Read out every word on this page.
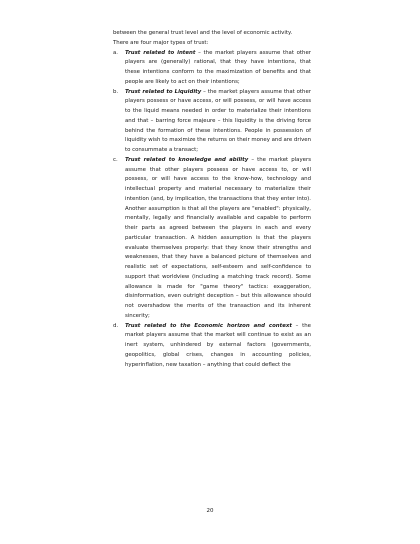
between the general trust level and the level of economic activity.

There are four major types of trust:

a. Trust related to intent – the market players assume that other players are (generally) rational, that they have intentions, that these intentions conform to the maximization of benefits and that people are likely to act on their intentions;
b. Trust related to Liquidity – the market players assume that other players possess or have access, or will possess, or will have access to the liquid means needed in order to materialize their intentions and that – barring force majeure – this liquidity is the driving force behind the formation of these intentions. People in possession of liquidity wish to maximize the returns on their money and are driven to consummate a transact;
c. Trust related to knowledge and ability – the market players assume that other players possess or have access to, or will possess, or will have access to the know-how, technology and intellectual property and material necessary to materialize their intention (and, by implication, the transactions that they enter into). Another assumption is that all the players are "enabled": physically, mentally, legally and financially available and capable to perform their parts as agreed between the players in each and every particular transaction. A hidden assumption is that the players evaluate themselves properly: that they know their strengths and weaknesses, that they have a balanced picture of themselves and realistic set of expectations, self-esteem and self-confidence to support that worldview (including a matching track record). Some allowance is made for "game theory" tactics: exaggeration, disinformation, even outright deception – but this allowance should not overshadow the merits of the transaction and its inherent sincerity;
d. Trust related to the Economic horizon and context – the market players assume that the market will continue to exist as an inert system, unhindered by external factors (governments, geopolitics, global crises, changes in accounting policies, hyperinflation, new taxation – anything that could deflect the
20
